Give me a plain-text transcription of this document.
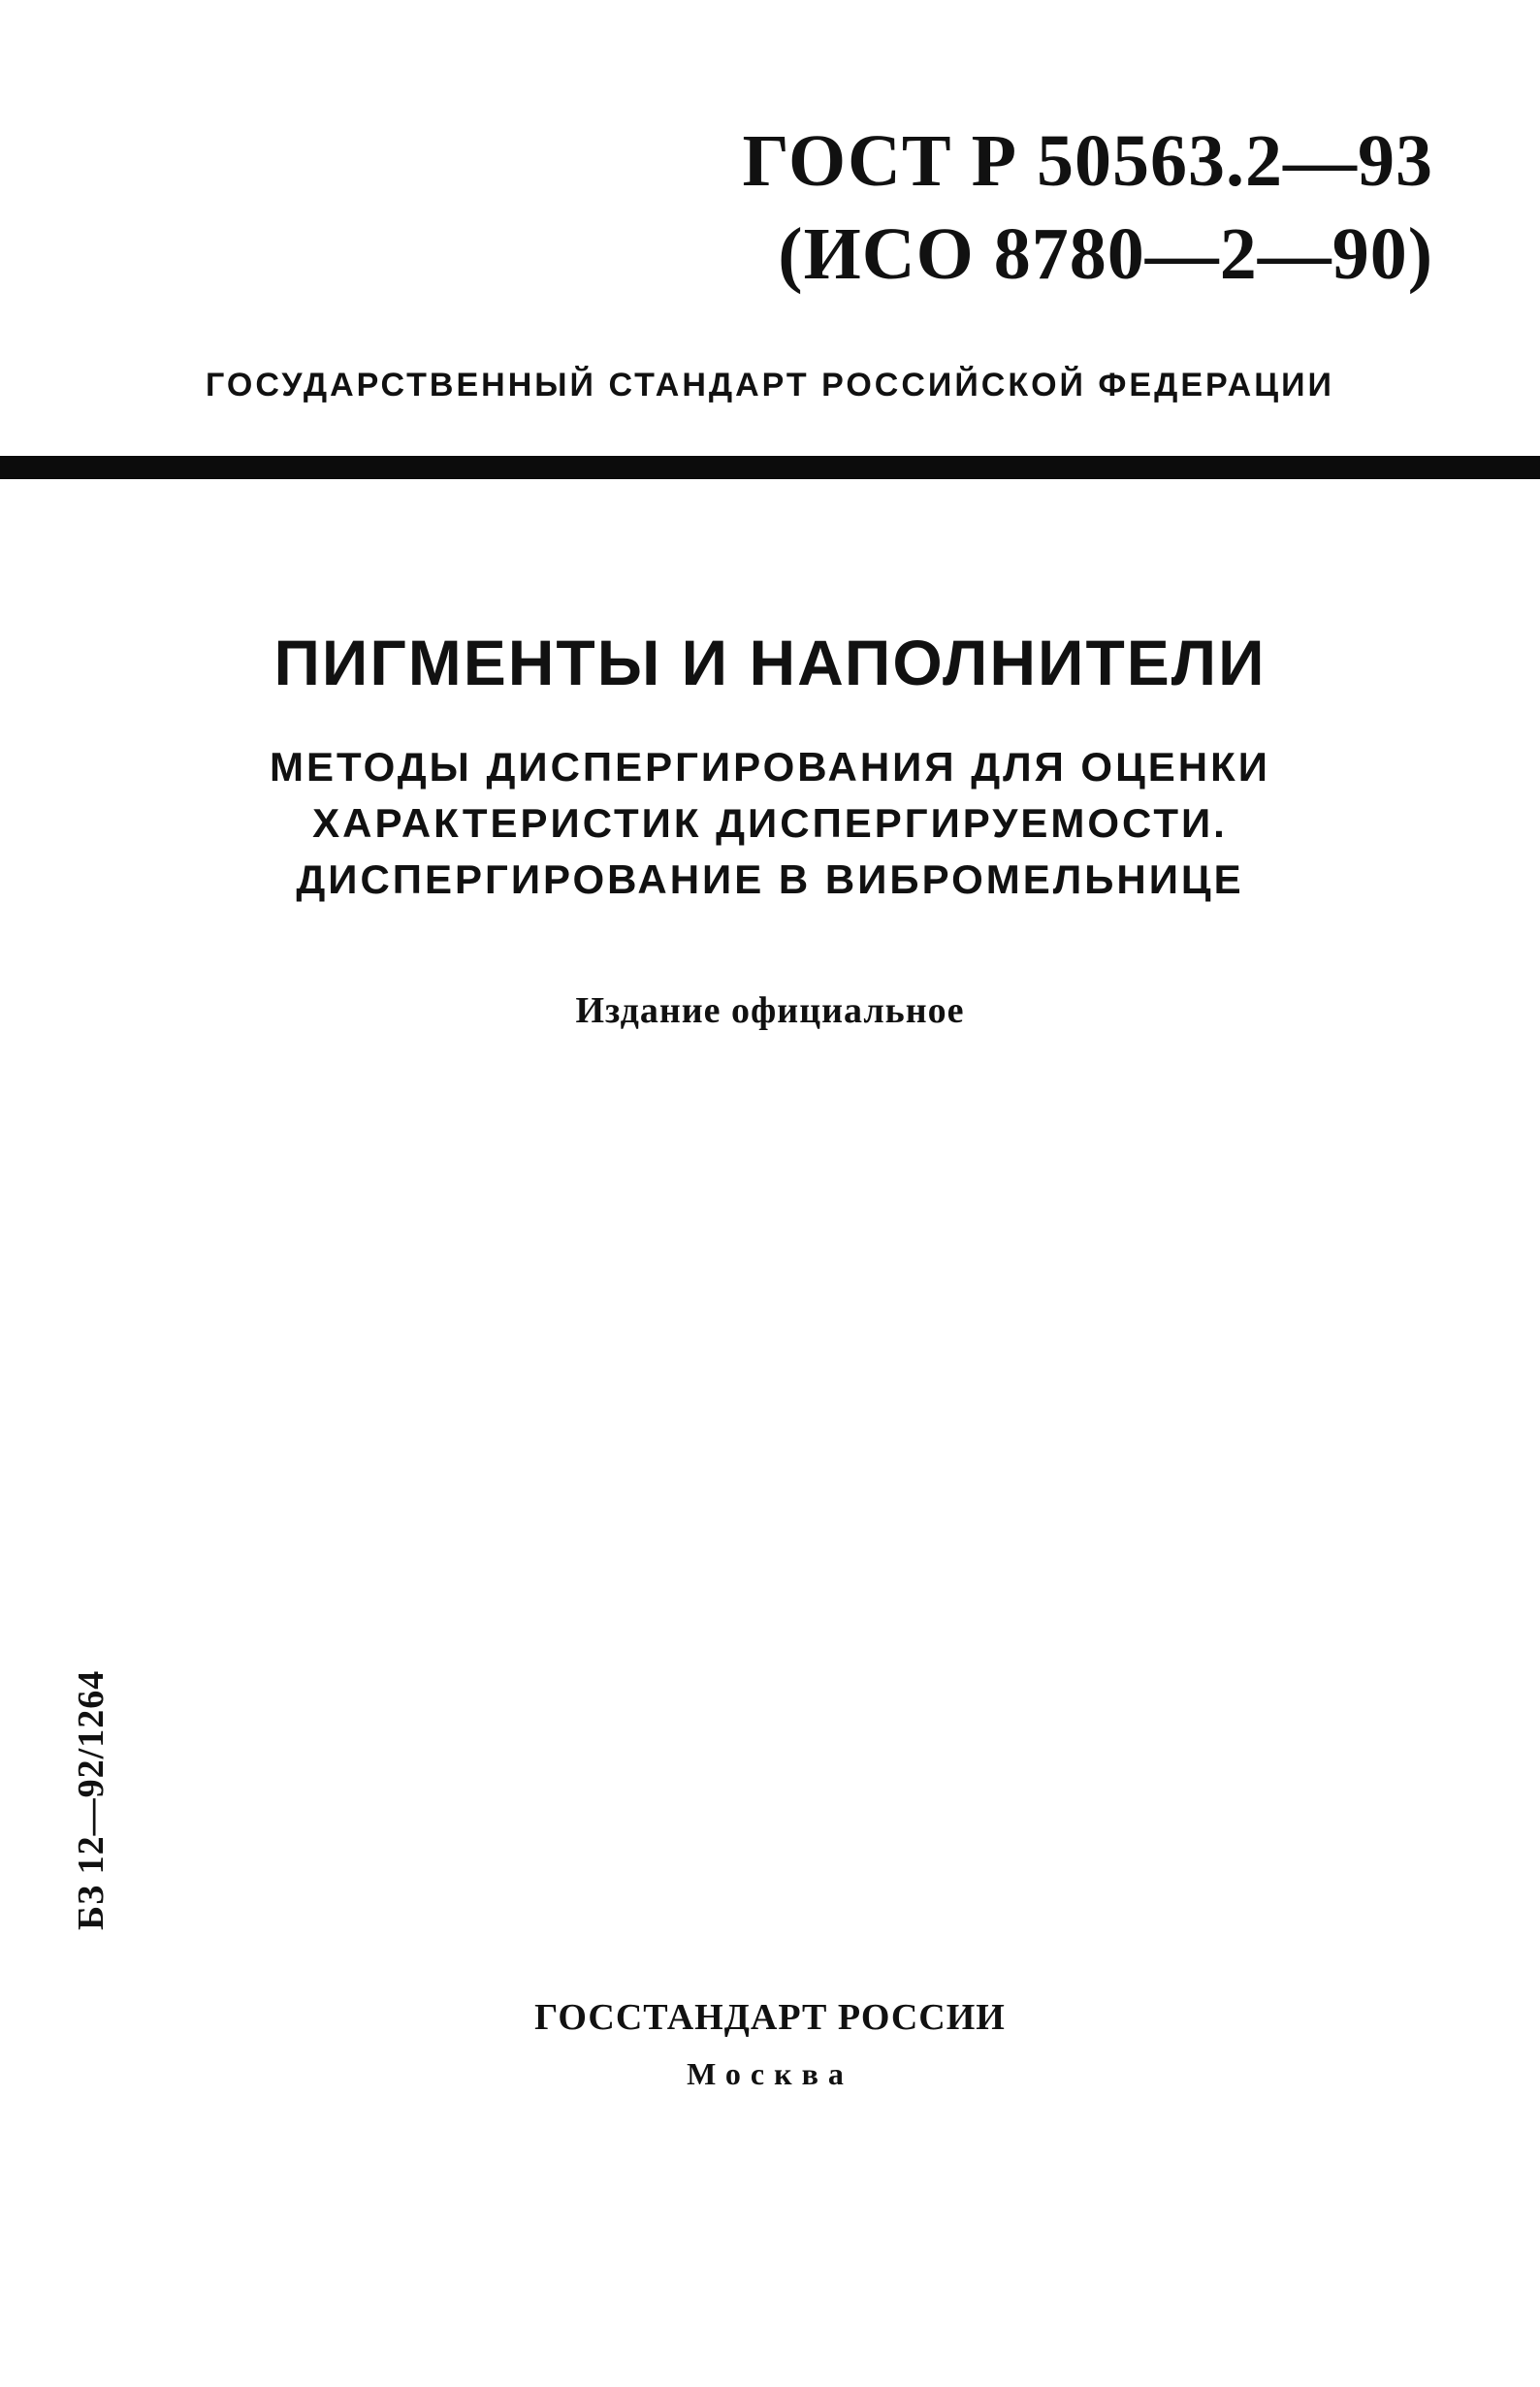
ГОСТ Р 50563.2—93
(ИСО 8780—2—90)
ГОСУДАРСТВЕННЫЙ СТАНДАРТ РОССИЙСКОЙ ФЕДЕРАЦИИ
ПИГМЕНТЫ И НАПОЛНИТЕЛИ
МЕТОДЫ ДИСПЕРГИРОВАНИЯ ДЛЯ ОЦЕНКИ
ХАРАКТЕРИСТИК ДИСПЕРГИРУЕМОСТИ.
ДИСПЕРГИРОВАНИЕ В ВИБРОМЕЛЬНИЦЕ
Издание официальное
БЗ 12—92/1264
ГОССТАНДАРТ РОССИИ
Москва
